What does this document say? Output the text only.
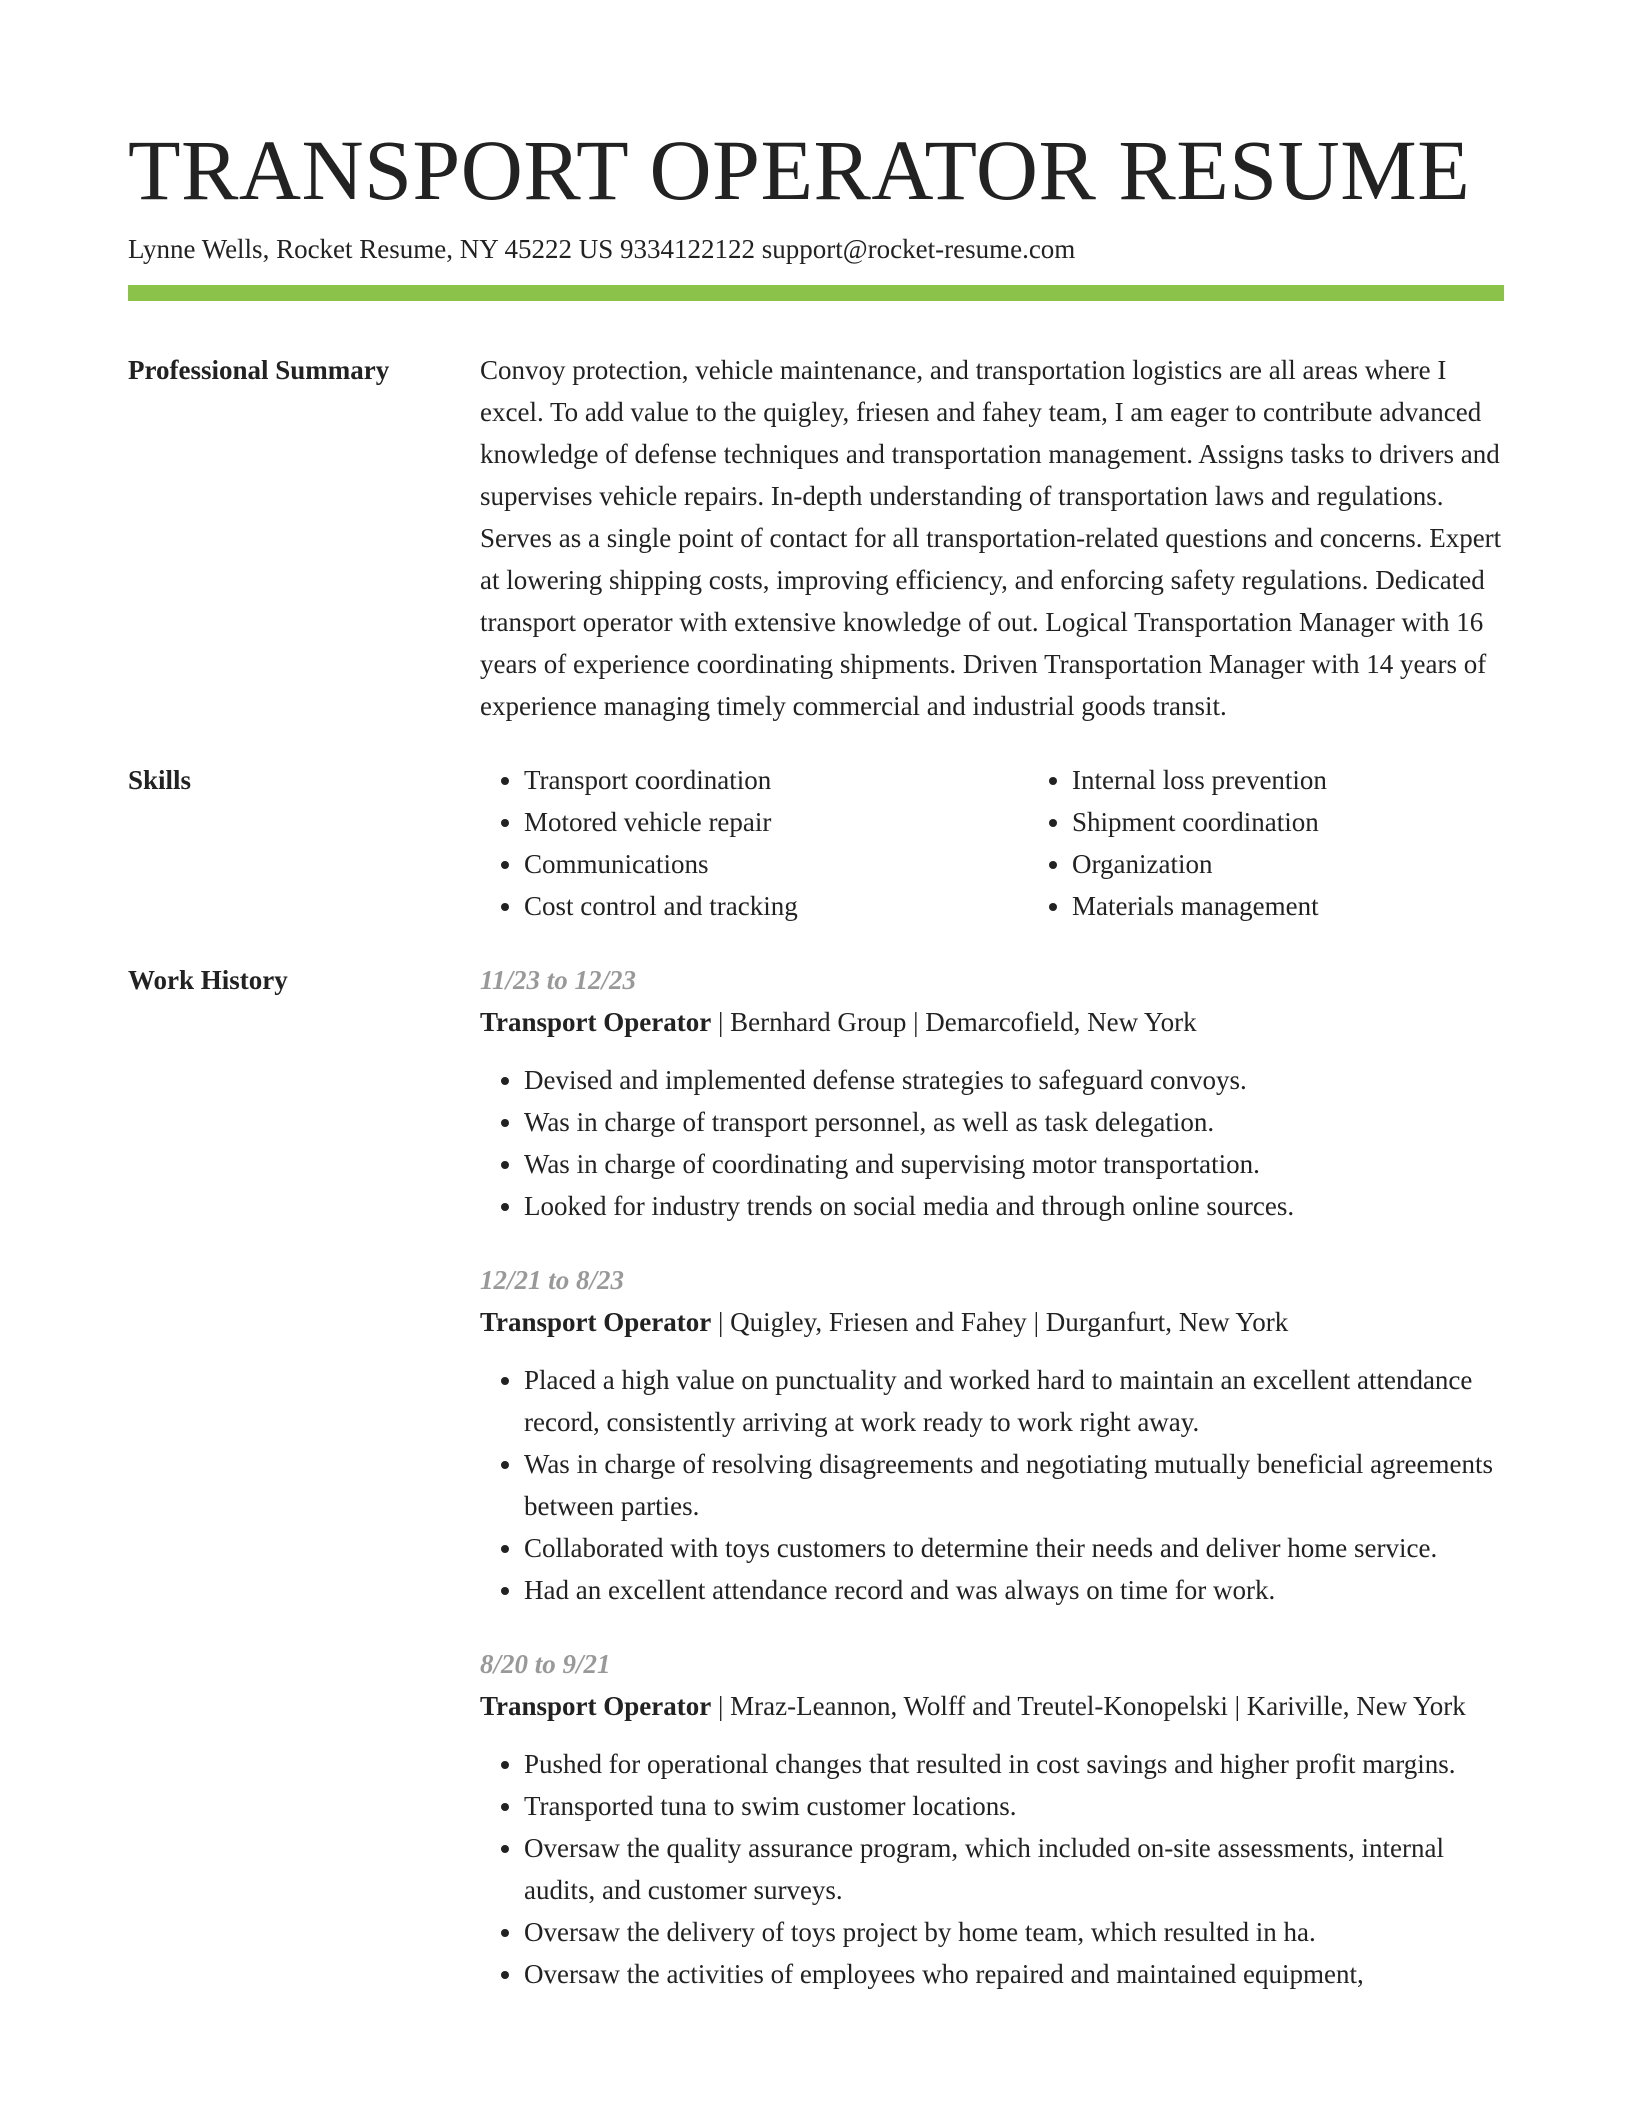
TRANSPORT OPERATOR RESUME
Lynne Wells, Rocket Resume, NY 45222 US 9334122122 support@rocket-resume.com
Professional Summary	Convoy protection, vehicle maintenance, and transportation logistics are all areas where I excel. To add value to the quigley, friesen and fahey team, I am eager to contribute advanced knowledge of defense techniques and transportation management. Assigns tasks to drivers and supervises vehicle repairs. In-depth understanding of transportation laws and regulations. Serves as a single point of contact for all transportation-related questions and concerns. Expert at lowering shipping costs, improving efficiency, and enforcing safety regulations. Dedicated transport operator with extensive knowledge of out. Logical Transportation Manager with 16 years of experience coordinating shipments. Driven Transportation Manager with 14 years of experience managing timely commercial and industrial goods transit.

Skills
•	Transport coordination
• Motored vehicle repair
• Communications
• Cost control and tracking
• Internal loss prevention
• Shipment coordination
• Organization
• Materials management
Work History	11/23 to 12/23
Transport Operator | Bernhard Group | Demarcofield, New York
• Devised and implemented defense strategies to safeguard convoys.
• Was in charge of transport personnel, as well as task delegation.
• Was in charge of coordinating and supervising motor transportation.
• Looked for industry trends on social media and through online sources.
12/21 to 8/23
Transport Operator | Quigley, Friesen and Fahey | Durganfurt, New York
• Placed a high value on punctuality and worked hard to maintain an excellent attendance record, consistently arriving at work ready to work right away.
• Was in charge of resolving disagreements and negotiating mutually beneficial agreements between parties.
• Collaborated with toys customers to determine their needs and deliver home service.
• Had an excellent attendance record and was always on time for work.
8/20 to 9/21
Transport Operator | Mraz-Leannon, Wolff and Treutel-Konopelski | Kariville, New York
• Pushed for operational changes that resulted in cost savings and higher profit margins.
• Transported tuna to swim customer locations.
• Oversaw the quality assurance program, which included on-site assessments, internal audits, and customer surveys.
• Oversaw the delivery of toys project by home team, which resulted in ha.
• Oversaw the activities of employees who repaired and maintained equipment,
